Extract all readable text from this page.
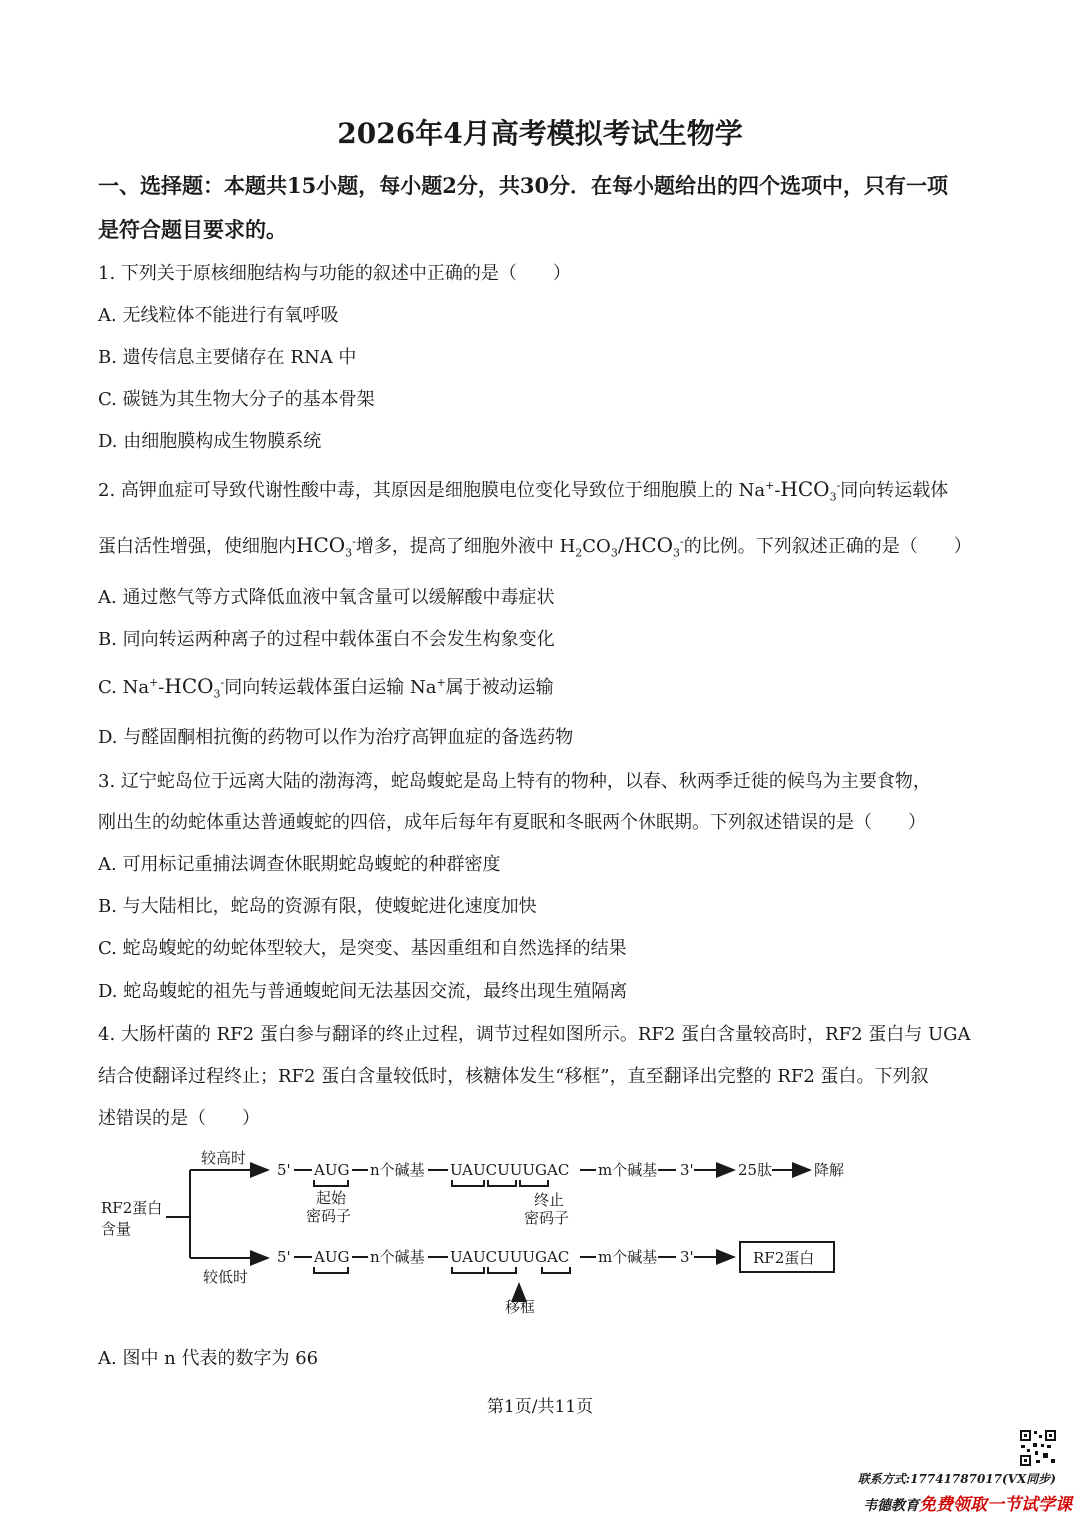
2026年4月高考模拟考试生物学
一、选择题：本题共15小题，每小题2分，共30分．在每小题给出的四个选项中，只有一项
是符合题目要求的。
1. 下列关于原核细胞结构与功能的叙述中正确的是（　　）
A. 无线粒体不能进行有氧呼吸
B. 遗传信息主要储存在 RNA 中
C. 碳链为其生物大分子的基本骨架
D. 由细胞膜构成生物膜系统
2. 高钾血症可导致代谢性酸中毒，其原因是细胞膜电位变化导致位于细胞膜上的 $Na^+-HCO_3^-$同向转运载体
蛋白活性增强，使细胞内$HCO_3^-$增多，提高了细胞外液中 $H_2CO_3/HCO_3^-$的比例。下列叙述正确的是（　　）
A. 通过憋气等方式降低血液中氧含量可以缓解酸中毒症状
B. 同向转运两种离子的过程中载体蛋白不会发生构象变化
C. $Na^+-HCO_3^-$同向转运载体蛋白运输 Na+属于被动运输
D. 与醛固酮相抗衡的药物可以作为治疗高钾血症的备选药物
3. 辽宁蛇岛位于远离大陆的渤海湾，蛇岛蝮蛇是岛上特有的物种，以春、秋两季迁徙的候鸟为主要食物，
刚出生的幼蛇体重达普通蝮蛇的四倍，成年后每年有夏眠和冬眠两个休眠期。下列叙述错误的是（　　）
A. 可用标记重捕法调查休眠期蛇岛蝮蛇的种群密度
B. 与大陆相比，蛇岛的资源有限，使蝮蛇进化速度加快
C. 蛇岛蝮蛇的幼蛇体型较大，是突变、基因重组和自然选择的结果
D. 蛇岛蝮蛇的祖先与普通蝮蛇间无法基因交流，最终出现生殖隔离
4. 大肠杆菌的 RF2 蛋白参与翻译的终止过程，调节过程如图所示。RF2 蛋白含量较高时，RF2 蛋白与 UGA
结合使翻译过程终止；RF2 蛋白含量较低时，核糖体发生“移框”，直至翻译出完整的 RF2 蛋白。下列叙
述错误的是（　　）
RF2蛋白
含量
较高时
较低时
5' AUG n个碱基 UAUCUUUGAC m个碱基 3'	25肽	降解
起始
密码子
终止
密码子
5' AUG n个碱基 UAUCUUUGAC m个碱基 3'	RF2蛋白
移框
A. 图中 n 代表的数字为 66
第1页/共11页
联系方式:17741787017(VX同步)
韦德教育免费领取一节试学课
